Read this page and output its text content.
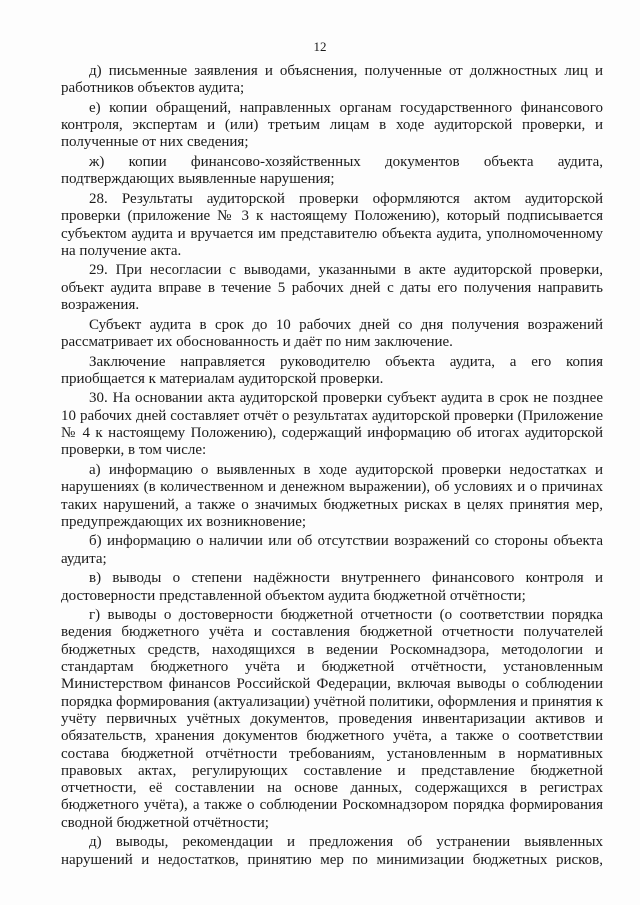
12

д) письменные заявления и объяснения, полученные от должностных лиц и работников объектов аудита;

е) копии обращений, направленных органам государственного финансового контроля, экспертам и (или) третьим лицам в ходе аудиторской проверки, и полученные от них сведения;

ж) копии финансово-хозяйственных документов объекта аудита, подтверждающих выявленные нарушения;

28. Результаты аудиторской проверки оформляются актом аудиторской проверки (приложение № 3 к настоящему Положению), который подписывается субъектом аудита и вручается им представителю объекта аудита, уполномоченному на получение акта.

29. При несогласии с выводами, указанными в акте аудиторской проверки, объект аудита вправе в течение 5 рабочих дней с даты его получения направить возражения.

Субъект аудита в срок до 10 рабочих дней со дня получения возражений рассматривает их обоснованность и даёт по ним заключение.

Заключение направляется руководителю объекта аудита, а его копия приобщается к материалам аудиторской проверки.

30. На основании акта аудиторской проверки субъект аудита в срок не позднее 10 рабочих дней составляет отчёт о результатах аудиторской проверки (Приложение № 4 к настоящему Положению), содержащий информацию об итогах аудиторской проверки, в том числе:

а) информацию о выявленных в ходе аудиторской проверки недостатках и нарушениях (в количественном и денежном выражении), об условиях и о причинах таких нарушений, а также о значимых бюджетных рисках в целях принятия мер, предупреждающих их возникновение;

б) информацию о наличии или об отсутствии возражений со стороны объекта аудита;

в) выводы о степени надёжности внутреннего финансового контроля и достоверности представленной объектом аудита бюджетной отчётности;

г) выводы о достоверности бюджетной отчетности (о соответствии порядка ведения бюджетного учёта и составления бюджетной отчетности получателей бюджетных средств, находящихся в ведении Роскомнадзора, методологии и стандартам бюджетного учёта и бюджетной отчётности, установленным Министерством финансов Российской Федерации, включая выводы о соблюдении порядка формирования (актуализации) учётной политики, оформления и принятия к учёту первичных учётных документов, проведения инвентаризации активов и обязательств, хранения документов бюджетного учёта, а также о соответствии состава бюджетной отчётности требованиям, установленным в нормативных правовых актах, регулирующих составление и представление бюджетной отчетности, её составлении на основе данных, содержащихся в регистрах бюджетного учёта), а также о соблюдении Роскомнадзором порядка формирования сводной бюджетной отчётности;

д) выводы, рекомендации и предложения об устранении выявленных нарушений и недостатков, принятию мер по минимизации бюджетных рисков,
